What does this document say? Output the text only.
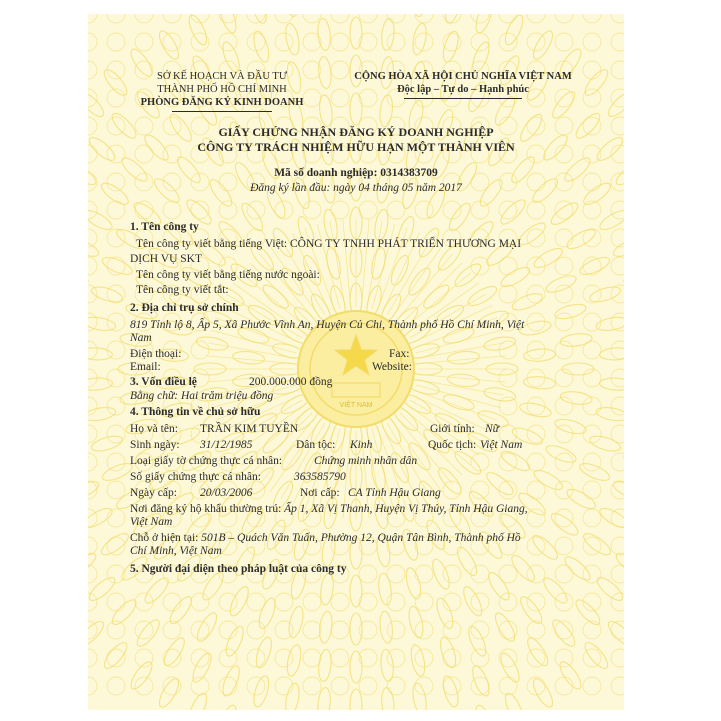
VIỆT NAM
SỞ KẾ HOẠCH VÀ ĐẦU TƯ
THÀNH PHỐ HỒ CHÍ MINH
PHÒNG ĐĂNG KÝ KINH DOANH
CỘNG HÒA XÃ HỘI CHỦ NGHĨA VIỆT NAM
Độc lập – Tự do – Hạnh phúc
GIẤY CHỨNG NHẬN ĐĂNG KÝ DOANH NGHIỆP
CÔNG TY TRÁCH NHIỆM HỮU HẠN MỘT THÀNH VIÊN
Mã số doanh nghiệp: 0314383709
Đăng ký lần đầu: ngày 04 tháng 05 năm 2017
1. Tên công ty
Tên công ty viết bằng tiếng Việt: CÔNG TY TNHH PHÁT TRIỂN THƯƠNG MẠI
DỊCH VỤ SKT
Tên công ty viết bằng tiếng nước ngoài:
Tên công ty viết tắt:
2. Địa chỉ trụ sở chính
819 Tỉnh lộ 8, Ấp 5, Xã Phước Vĩnh An, Huyện Củ Chi, Thành phố Hồ Chí Minh, Việt
Nam
Điện thoại:	Fax:
Email:	Website:
3. Vốn điều lệ	200.000.000 đồng
Bằng chữ: Hai trăm triệu đồng
4. Thông tin về chủ sở hữu
Họ và tên: TRẦN KIM TUYỀN	Giới tính: Nữ
Sinh ngày: 31/12/1985	Dân tộc: Kinh	Quốc tịch: Việt Nam
Loại giấy tờ chứng thực cá nhân:	Chứng minh nhân dân
Số giấy chứng thực cá nhân:	363585790
Ngày cấp: 20/03/2006	Nơi cấp: CA Tỉnh Hậu Giang
Nơi đăng ký hộ khẩu thường trú: Ấp 1, Xã Vị Thanh, Huyện Vị Thủy, Tỉnh Hậu Giang,
Việt Nam
Chỗ ở hiện tại: 501B – Quách Văn Tuấn, Phường 12, Quận Tân Bình, Thành phố Hồ
Chí Minh, Việt Nam
5. Người đại diện theo pháp luật của công ty
